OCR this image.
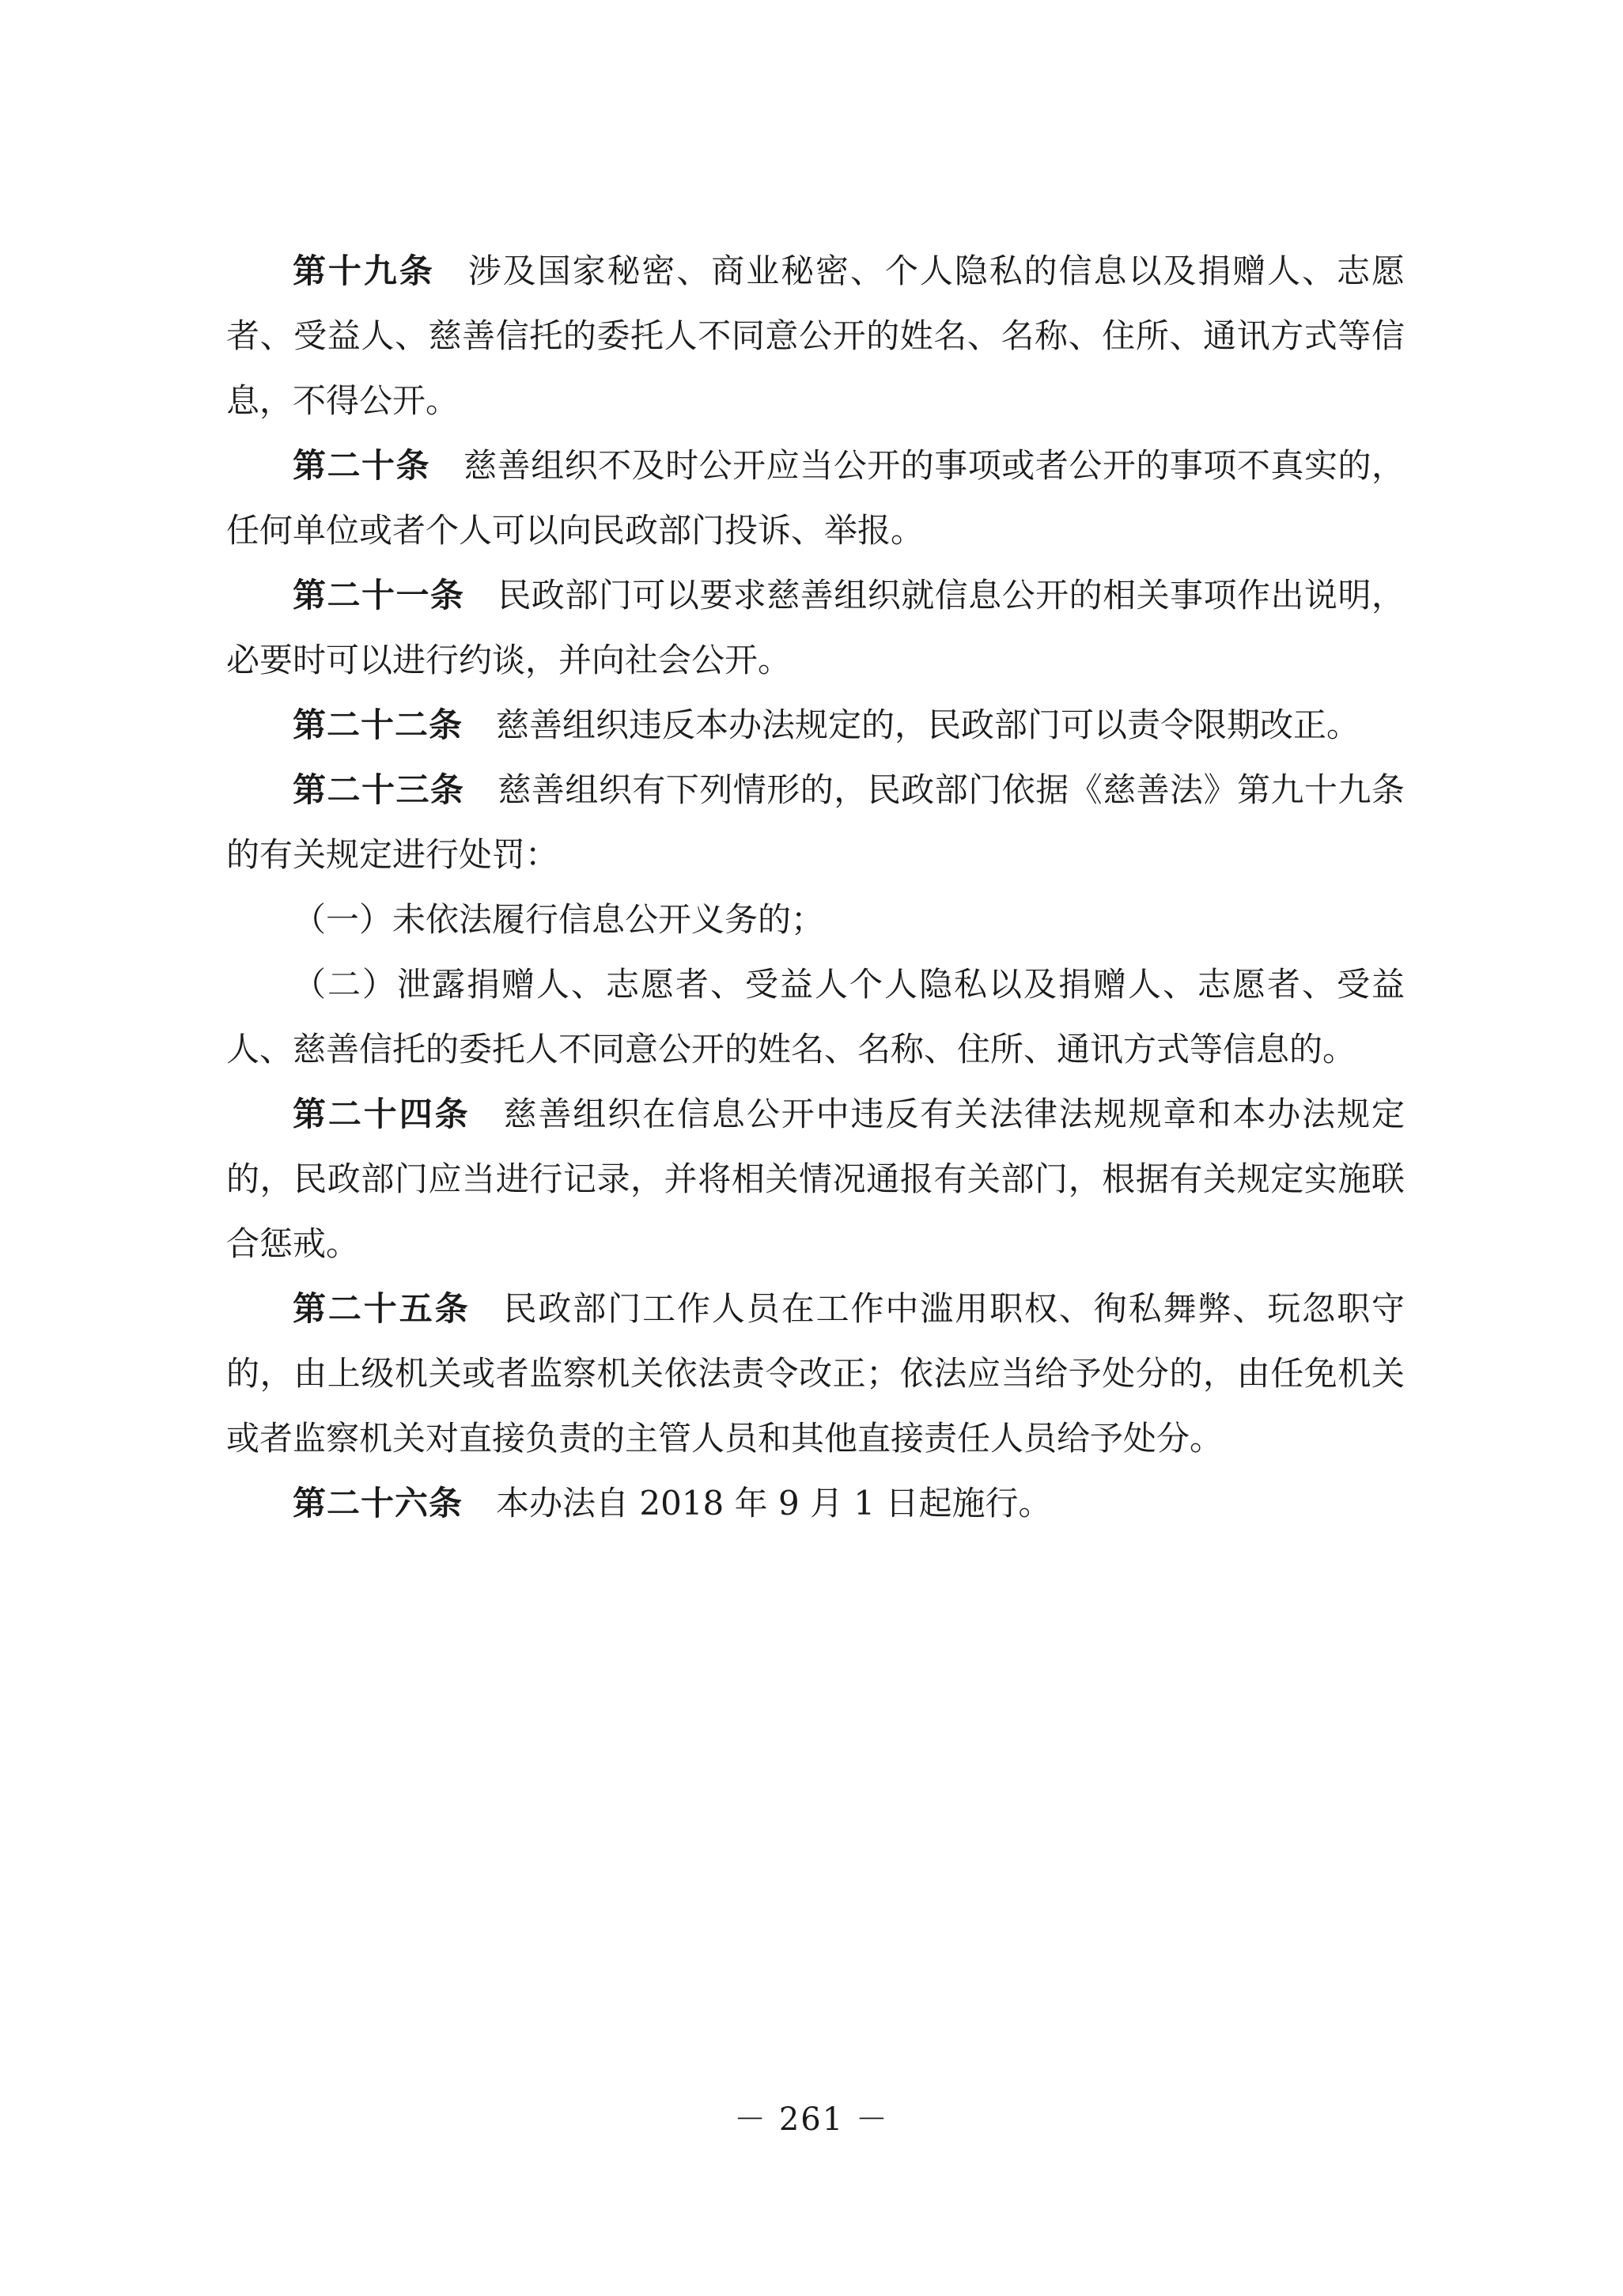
第十九条 涉及国家秘密、商业秘密、个人隐私的信息以及捐赠人、志愿者、受益人、慈善信托的委托人不同意公开的姓名、名称、住所、通讯方式等信息，不得公开。

第二十条 慈善组织不及时公开应当公开的事项或者公开的事项不真实的，任何单位或者个人可以向民政部门投诉、举报。

第二十一条 民政部门可以要求慈善组织就信息公开的相关事项作出说明，必要时可以进行约谈，并向社会公开。

第二十二条 慈善组织违反本办法规定的，民政部门可以责令限期改正。

第二十三条 慈善组织有下列情形的，民政部门依据《慈善法》第九十九条的有关规定进行处罚：

（一）未依法履行信息公开义务的；

（二）泄露捐赠人、志愿者、受益人个人隐私以及捐赠人、志愿者、受益人、慈善信托的委托人不同意公开的姓名、名称、住所、通讯方式等信息的。

第二十四条 慈善组织在信息公开中违反有关法律法规规章和本办法规定的，民政部门应当进行记录，并将相关情况通报有关部门，根据有关规定实施联合惩戒。

第二十五条 民政部门工作人员在工作中滥用职权、徇私舞弊、玩忽职守的，由上级机关或者监察机关依法责令改正；依法应当给予处分的，由任免机关或者监察机关对直接负责的主管人员和其他直接责任人员给予处分。

第二十六条 本办法自 2018 年 9 月 1 日起施行。

－ 261 －
